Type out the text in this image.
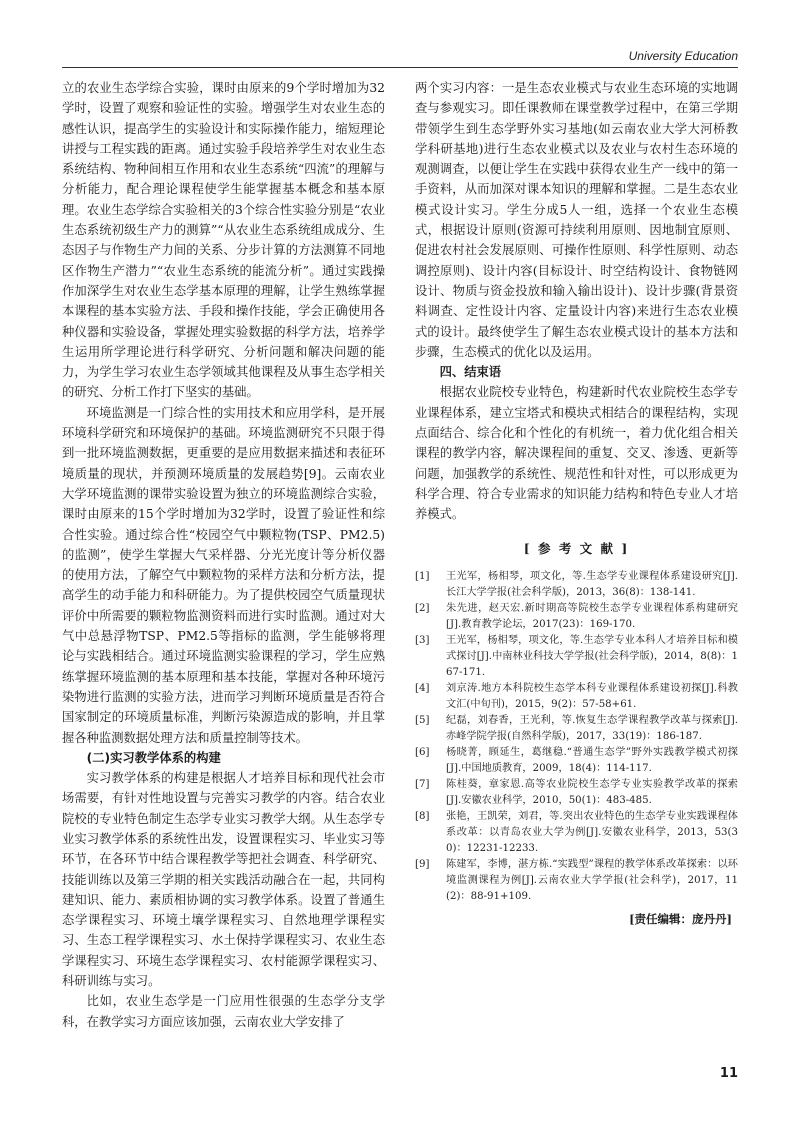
University Education

立的农业生态学综合实验，课时由原来的9个学时增加为32学时，设置了观察和验证性的实验。增强学生对农业生态的感性认识，提高学生的实验设计和实际操作能力，缩短理论讲授与工程实践的距离。通过实验手段培养学生对农业生态系统结构、物种间相互作用和农业生态系统“四流”的理解与分析能力，配合理论课程使学生能掌握基本概念和基本原理。农业生态学综合实验相关的3个综合性实验分别是“农业生态系统初级生产力的测算”“从农业生态系统组成成分、生态因子与作物生产力间的关系、分步计算的方法测算不同地区作物生产潜力”“农业生态系统的能流分析”。通过实践操作加深学生对农业生态学基本原理的理解，让学生熟练掌握本课程的基本实验方法、手段和操作技能，学会正确使用各种仪器和实验设备，掌握处理实验数据的科学方法，培养学生运用所学理论进行科学研究、分析问题和解决问题的能力，为学生学习农业生态学领域其他课程及从事生态学相关的研究、分析工作打下坚实的基础。

环境监测是一门综合性的实用技术和应用学科，是开展环境科学研究和环境保护的基础。环境监测研究不只限于得到一批环境监测数据，更重要的是应用数据来描述和表征环境质量的现状，并预测环境质量的发展趋势[9]。云南农业大学环境监测的课带实验设置为独立的环境监测综合实验，课时由原来的15个学时增加为32学时，设置了验证性和综合性实验。通过综合性“校园空气中颗粒物(TSP、PM2.5)的监测”，使学生掌握大气采样器、分光光度计等分析仪器的使用方法，了解空气中颗粒物的采样方法和分析方法，提高学生的动手能力和科研能力。为了提供校园空气质量现状评价中所需要的颗粒物监测资料而进行实时监测。通过对大气中总悬浮物TSP、PM2.5等指标的监测，学生能够将理论与实践相结合。通过环境监测实验课程的学习，学生应熟练掌握环境监测的基本原理和基本技能，掌握对各种环境污染物进行监测的实验方法，进而学习判断环境质量是否符合国家制定的环境质量标准，判断污染源造成的影响，并且掌握各种监测数据处理方法和质量控制等技术。

(二)实习教学体系的构建

实习教学体系的构建是根据人才培养目标和现代社会市场需要，有针对性地设置与完善实习教学的内容。结合农业院校的专业特色制定生态学专业实习教学大纲。从生态学专业实习教学体系的系统性出发，设置课程实习、毕业实习等环节，在各环节中结合课程教学等把社会调查、科学研究、技能训练以及第三学期的相关实践活动融合在一起，共同构建知识、能力、素质相协调的实习教学体系。设置了普通生态学课程实习、环境土壤学课程实习、自然地理学课程实习、生态工程学课程实习、水土保持学课程实习、农业生态学课程实习、环境生态学课程实习、农村能源学课程实习、科研训练与实习。

比如，农业生态学是一门应用性很强的生态学分支学科，在教学实习方面应该加强，云南农业大学安排了

两个实习内容：一是生态农业模式与农业生态环境的实地调查与参观实习。即任课教师在课堂教学过程中，在第三学期带领学生到生态学野外实习基地(如云南农业大学大河桥教学科研基地)进行生态农业模式以及农业与农村生态环境的观测调查，以便让学生在实践中获得农业生产一线中的第一手资料，从而加深对课本知识的理解和掌握。二是生态农业模式设计实习。学生分成5人一组，选择一个农业生态模式，根据设计原则(资源可持续利用原则、因地制宜原则、促进农村社会发展原则、可操作性原则、科学性原则、动态调控原则)、设计内容(目标设计、时空结构设计、食物链网设计、物质与资金投放和输入输出设计)、设计步骤(背景资料调查、定性设计内容、定量设计内容)来进行生态农业模式的设计。最终使学生了解生态农业模式设计的基本方法和步骤，生态模式的优化以及运用。

四、结束语

根据农业院校专业特色，构建新时代农业院校生态学专业课程体系，建立宝塔式和模块式相结合的课程结构，实现点面结合、综合化和个性化的有机统一，着力优化组合相关课程的教学内容，解决课程间的重复、交叉、渗透、更新等问题，加强教学的系统性、规范性和针对性，可以形成更为科学合理、符合专业需求的知识能力结构和特色专业人才培养模式。

[ 参 考 文 献 ]
[1] 王光军，杨相琴，项文化，等.生态学专业课程体系建设研究[J].长江大学学报(社会科学版)，2013，36(8)：138-141.
[2] 朱先进，赵天宏.新时期高等院校生态学专业课程体系构建研究[J].教育教学论坛，2017(23)：169-170.
[3] 王光军，杨相琴，项文化，等.生态学专业本科人才培养目标和模式探讨[J].中南林业科技大学学报(社会科学版)，2014，8(8)：167-171.
[4] 刘京涛.地方本科院校生态学本科专业课程体系建设初探[J].科教文汇(中旬刊)，2015，9(2)：57-58+61.
[5] 纪磊，刘春香，王光利，等.恢复生态学课程教学改革与探索[J].赤峰学院学报(自然科学版)，2017，33(19)：186-187.
[6] 杨晓菁，顾延生，葛继稳.“普通生态学”野外实践教学模式初探[J].中国地质教育，2009，18(4)：114-117.
[7] 陈桂葵，章家恩.高等农业院校生态学专业实验教学改革的探索[J].安徽农业科学，2010，50(1)：483-485.
[8] 张艳，王凯荣，刘君，等.突出农业特色的生态学专业实践课程体系改革：以青岛农业大学为例[J].安徽农业科学，2013，53(30)：12231-12233.
[9] 陈建军，李博，湛方栋.“实践型”课程的教学体系改革探索：以环境监测课程为例[J].云南农业大学学报(社会科学)，2017，11(2)：88-91+109.
[责任编辑：庞丹丹]
11
